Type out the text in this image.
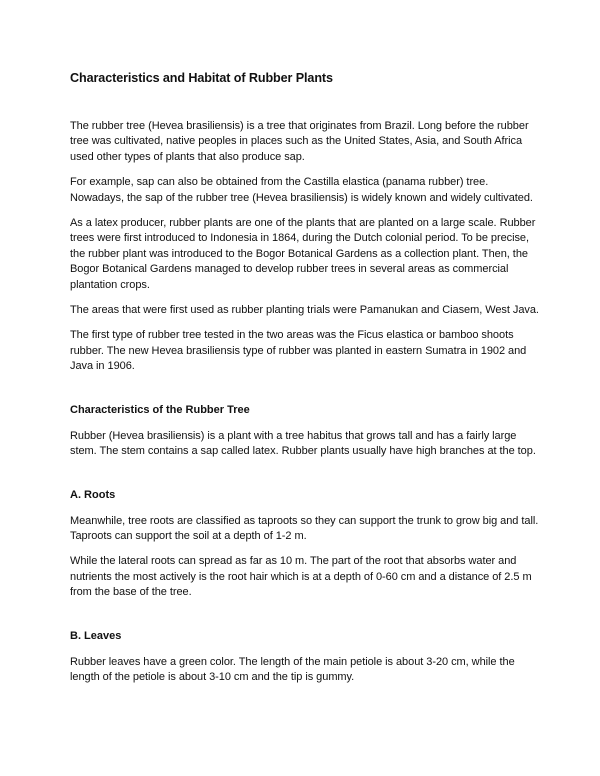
Characteristics and Habitat of Rubber Plants

The rubber tree (Hevea brasiliensis) is a tree that originates from Brazil. Long before the rubber tree was cultivated, native peoples in places such as the United States, Asia, and South Africa used other types of plants that also produce sap.

For example, sap can also be obtained from the Castilla elastica (panama rubber) tree. Nowadays, the sap of the rubber tree (Hevea brasiliensis) is widely known and widely cultivated.

As a latex producer, rubber plants are one of the plants that are planted on a large scale. Rubber trees were first introduced to Indonesia in 1864, during the Dutch colonial period. To be precise, the rubber plant was introduced to the Bogor Botanical Gardens as a collection plant. Then, the Bogor Botanical Gardens managed to develop rubber trees in several areas as commercial plantation crops.

The areas that were first used as rubber planting trials were Pamanukan and Ciasem, West Java.

The first type of rubber tree tested in the two areas was the Ficus elastica or bamboo shoots rubber. The new Hevea brasiliensis type of rubber was planted in eastern Sumatra in 1902 and Java in 1906.

Characteristics of the Rubber Tree

Rubber (Hevea brasiliensis) is a plant with a tree habitus that grows tall and has a fairly large stem. The stem contains a sap called latex. Rubber plants usually have high branches at the top.

A. Roots

Meanwhile, tree roots are classified as taproots so they can support the trunk to grow big and tall. Taproots can support the soil at a depth of 1-2 m.

While the lateral roots can spread as far as 10 m. The part of the root that absorbs water and nutrients the most actively is the root hair which is at a depth of 0-60 cm and a distance of 2.5 m from the base of the tree.

B. Leaves

Rubber leaves have a green color. The length of the main petiole is about 3-20 cm, while the length of the petiole is about 3-10 cm and the tip is gummy.
